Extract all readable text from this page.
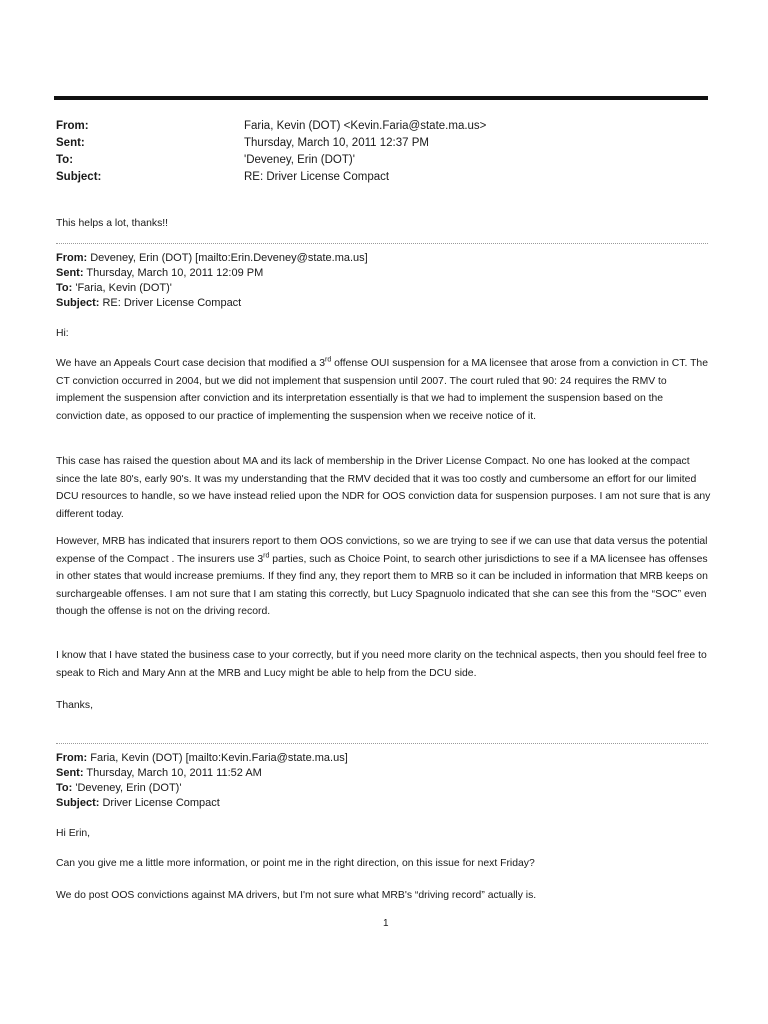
From:	Faria, Kevin (DOT) <Kevin.Faria@state.ma.us>
Sent:	Thursday, March 10, 2011 12:37 PM
To:	'Deveney, Erin (DOT)'
Subject:	RE: Driver License Compact

This helps a lot, thanks!!

From: Deveney, Erin (DOT) [mailto:Erin.Deveney@state.ma.us]
Sent: Thursday, March 10, 2011 12:09 PM
To: 'Faria, Kevin (DOT)'
Subject: RE: Driver License Compact

Hi:

We have an Appeals Court case decision that modified a 3rd offense OUI suspension for a MA licensee that arose from a conviction in CT. The CT conviction occurred in 2004, but we did not implement that suspension until 2007. The court ruled that 90: 24 requires the RMV to implement the suspension after conviction and its interpretation essentially is that we had to implement the suspension based on the conviction date, as opposed to our practice of implementing the suspension when we receive notice of it.

This case has raised the question about MA and its lack of membership in the Driver License Compact. No one has looked at the compact since the late 80's, early 90's. It was my understanding that the RMV decided that it was too costly and cumbersome an effort for our limited DCU resources to handle, so we have instead relied upon the NDR for OOS conviction data for suspension purposes. I am not sure that is any different today.

However, MRB has indicated that insurers report to them OOS convictions, so we are trying to see if we can use that data versus the potential expense of the Compact . The insurers use 3rd parties, such as Choice Point, to search other jurisdictions to see if a MA licensee has offenses in other states that would increase premiums. If they find any, they report them to MRB so it can be included in information that MRB keeps on surchargeable offenses. I am not sure that I am stating this correctly, but Lucy Spagnuolo indicated that she can see this from the “SOC” even though the offense is not on the driving record.

I know that I have stated the business case to your correctly, but if you need more clarity on the technical aspects, then you should feel free to speak to Rich and Mary Ann at the MRB and Lucy might be able to help from the DCU side.

Thanks,

From: Faria, Kevin (DOT) [mailto:Kevin.Faria@state.ma.us]
Sent: Thursday, March 10, 2011 11:52 AM
To: 'Deveney, Erin (DOT)'
Subject: Driver License Compact

Hi Erin,

Can you give me a little more information, or point me in the right direction, on this issue for next Friday?

We do post OOS convictions against MA drivers, but I'm not sure what MRB's “driving record” actually is.

1
